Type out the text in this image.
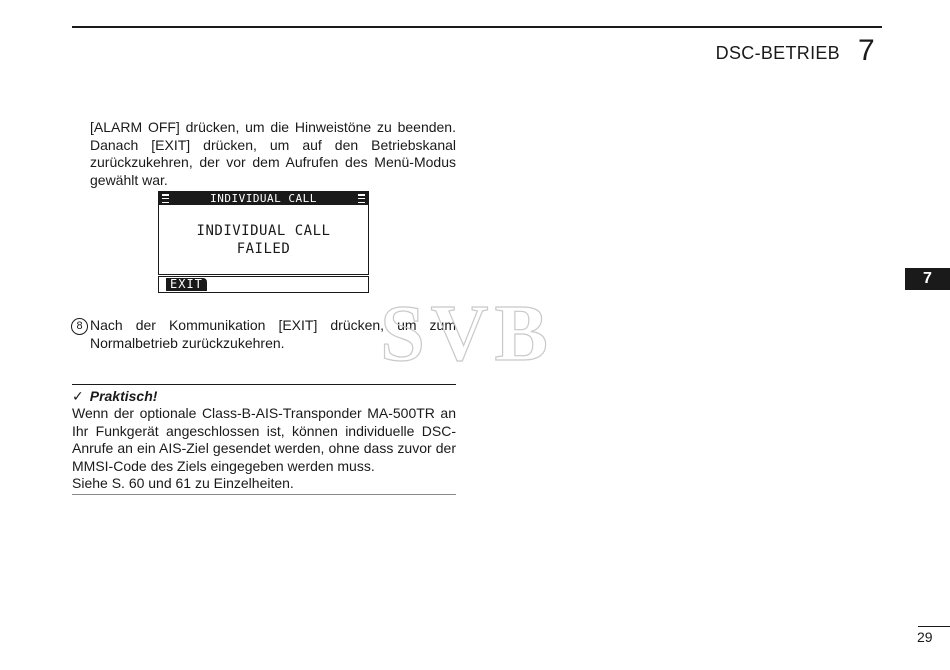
DSC-BETRIEB 7
7

[ALARM OFF] drücken, um die Hinweistöne zu beenden. Danach [EXIT] drücken, um auf den Betriebskanal zurückzukehren, der vor dem Aufrufen des Menü-Modus gewählt war.

INDIVIDUAL CALL
INDIVIDUAL CALL
FAILED
EXIT
8 Nach der Kommunikation [EXIT] drücken, um zum Normalbetrieb zurückzukehren.	SVB
✓ Praktisch!
Wenn der optionale Class-B-AIS-Transponder MA-500TR an Ihr Funkgerät angeschlossen ist, können individuelle DSC-Anrufe an ein AIS-Ziel gesendet werden, ohne dass zuvor der MMSI-Code des Ziels eingegeben werden muss.
Siehe S. 60 und 61 zu Einzelheiten.
29
